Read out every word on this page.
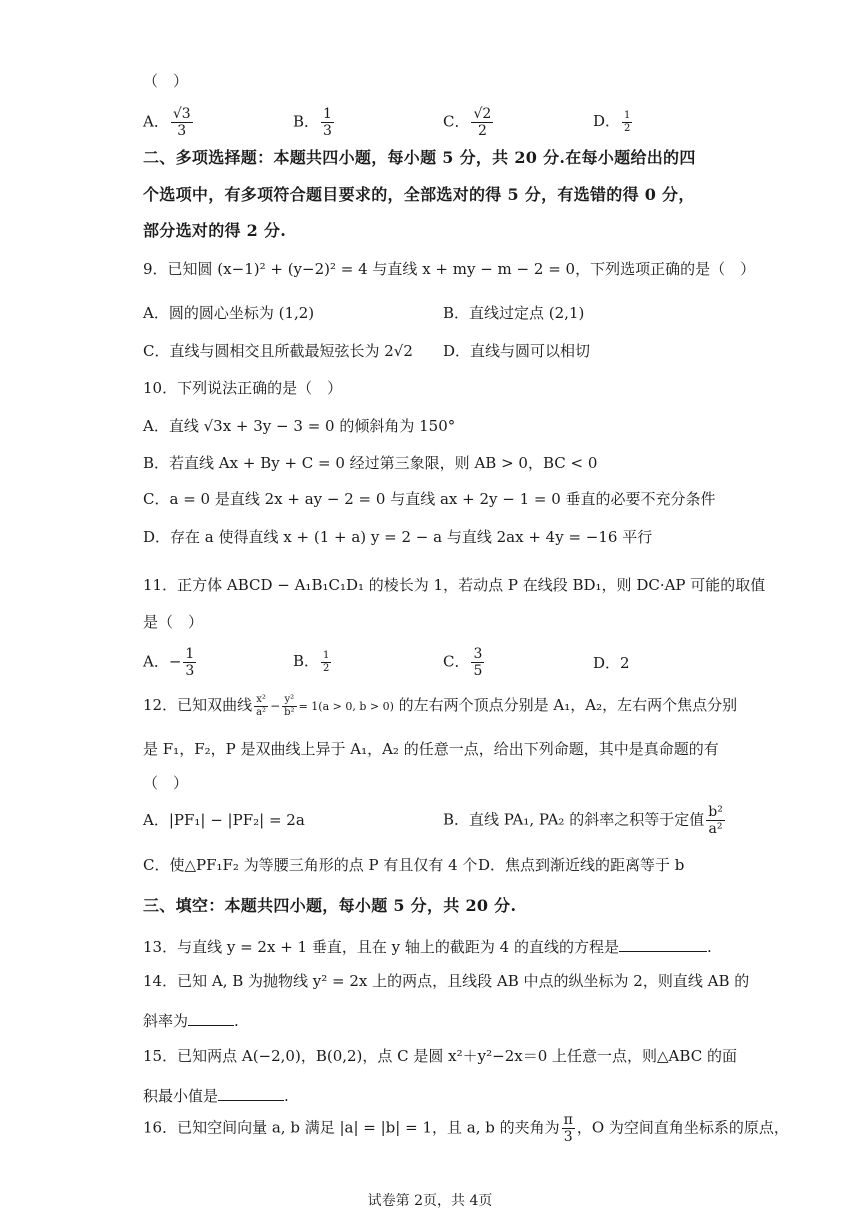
（　）
A． $\frac{√3}{3}$	B． $\frac{1}{3}$	C． $\frac{√2}{2}$	D． $\frac{1}{2}$
二、多项选择题：本题共四小题，每小题 5 分，共 20 分.在每小题给出的四
个选项中，有多项符合题目要求的，全部选对的得 5 分，有选错的得 0 分，
部分选对的得 2 分.
9．已知圆 (x−1)² + (y−2)² = 4 与直线 x + my − m − 2 = 0，下列选项正确的是（　）
A．圆的圆心坐标为 (1,2)	B．直线过定点 (2,1)
C．直线与圆相交且所截最短弦长为 2√2 D．直线与圆可以相切
10．下列说法正确的是（　）
A．直线 √3x + 3y − 3 = 0 的倾斜角为 150°
B．若直线 Ax + By + C = 0 经过第三象限，则 AB > 0，BC < 0
C．a = 0 是直线 2x + ay − 2 = 0 与直线 ax + 2y − 1 = 0 垂直的必要不充分条件
D．存在 a 使得直线 x + (1 + a) y = 2 − a 与直线 2ax + 4y = −16 平行
11．正方体 ABCD − A₁B₁C₁D₁ 的棱长为 1，若动点 P 在线段 BD₁，则 DC·AP 可能的取值
是（　）
A．− $\frac{1}{3}$	B． $\frac{1}{2}$	C． $\frac{3}{5}$	D．2
12．已知双曲线 $\frac{\text{x²}}{\text{a²}} - \frac{\text{y²}}{\text{b²}} = 1(a > 0$, b > 0) 的左右两个顶点分别是 A₁，A₂，左右两个焦点分别
是 F₁，F₂，P 是双曲线上异于 A₁，A₂ 的任意一点，给出下列命题，其中是真命题的有
（　）
A．|PF₁| − |PF₂| = 2a	B．直线 PA₁, PA₂ 的斜率之积等于定值 $\frac{\text{b²}}{\text{a²}}$
C．使△PF₁F₂ 为等腰三角形的点 P 有且仅有 4 个 D．焦点到渐近线的距离等于 b
三、填空：本题共四小题，每小题 5 分，共 20 分.
13．与直线 y = 2x + 1 垂直，且在 y 轴上的截距为 4 的直线的方程是	.
14．已知 A, B 为抛物线 y² = 2x 上的两点，且线段 AB 中点的纵坐标为 2，则直线 AB 的
斜率为	.
15．已知两点 A(−2,0)，B(0,2)，点 C 是圆 x²＋y²−2x＝0 上任意一点，则△ABC 的面
积最小值是	.
16．已知空间向量 a, b 满足 |a| = |b| = 1，且 a, b 的夹角为 $\frac{\pi}{3}$ ，O 为空间直角坐标系的原点，
试卷第 2页，共 4页
